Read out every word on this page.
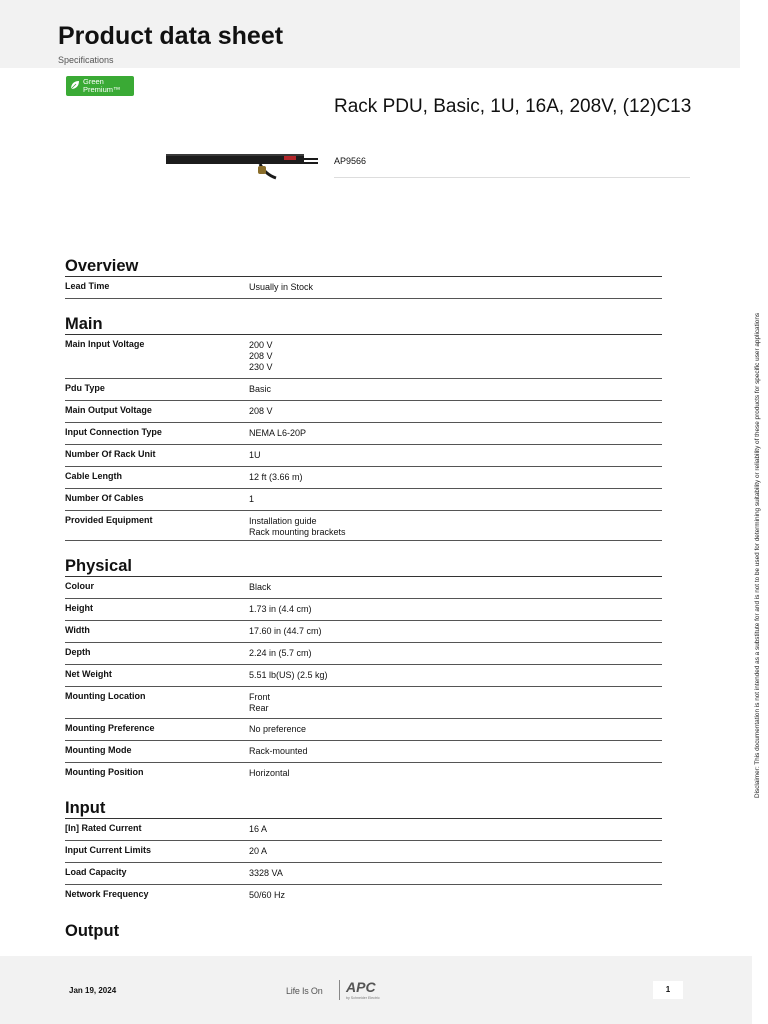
Product data sheet
Specifications
Green
Premium™
Rack PDU, Basic, 1U, 16A, 208V, (12)C13
AP9566
Overview
Lead Time	Usually in Stock
Main
Main Input Voltage	200 V
208 V
230 V
Pdu Type	Basic
Main Output Voltage	208 V
Input Connection Type	NEMA L6-20P
Number Of Rack Unit	1U
Cable Length	12 ft (3.66 m)
Number Of Cables	1
Provided Equipment	Installation guide
Rack mounting brackets
Physical
Colour	Black
Height	1.73 in (4.4 cm)
Width	17.60 in (44.7 cm)
Depth	2.24 in (5.7 cm)
Net Weight	5.51 lb(US) (2.5 kg)
Mounting Location	Front
Rear
Mounting Preference	No preference
Mounting Mode	Rack-mounted
Mounting Position	Horizontal
Input
[In] Rated Current	16 A
Input Current Limits	20 A
Load Capacity	3328 VA
Network Frequency	50/60 Hz
Output
Disclaimer: This documentation is not intended as a substitute for and is not to be used for determining suitability or reliability of these products for specific user applications
Jan 19, 2024	Life Is On APC
by Schneider Electric
1
